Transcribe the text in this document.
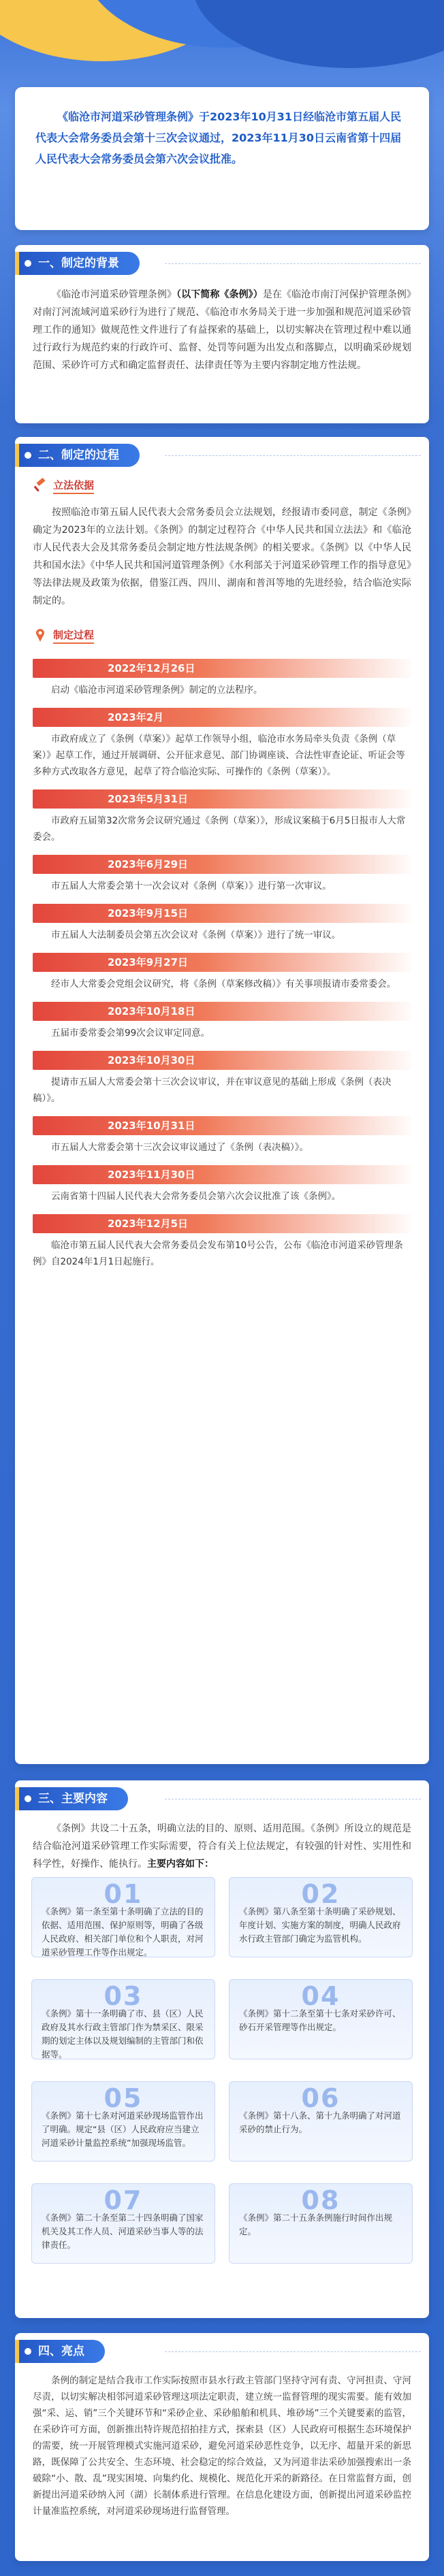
《临沧市河道采砂管理条例》于2023年10月31日经临沧市第五届人民代表大会常务委员会第十三次会议通过，2023年11月30日云南省第十四届人民代表大会常务委员会第六次会议批准。

一、制定的背景

《临沧市河道采砂管理条例》（以下简称《条例》）是在《临沧市南汀河保护管理条例》对南汀河流域河道采砂行为进行了规范、《临沧市水务局关于进一步加强和规范河道采砂管理工作的通知》做规范性文件进行了有益探索的基础上，以切实解决在管理过程中难以通过行政行为规范约束的行政许可、监督、处罚等问题为出发点和落脚点，以明确采砂规划范围、采砂许可方式和确定监督责任、法律责任等为主要内容制定地方性法规。

二、制定的过程
立法依据

按照临沧市第五届人民代表大会常务委员会立法规划，经报请市委同意，制定《条例》确定为2023年的立法计划。《条例》的制定过程符合《中华人民共和国立法法》和《临沧市人民代表大会及其常务委员会制定地方性法规条例》的相关要求。《条例》以《中华人民共和国水法》《中华人民共和国河道管理条例》《水利部关于河道采砂管理工作的指导意见》等法律法规及政策为依据，借鉴江西、四川、湖南和普洱等地的先进经验，结合临沧实际制定的。

制定过程
2022年12月26日
启动《临沧市河道采砂管理条例》制定的立法程序。
2023年2月
市政府成立了《条例（草案）》起草工作领导小组，临沧市水务局牵头负责《条例（草案）》起草工作，通过开展调研、公开征求意见、部门协调座谈、合法性审查论证、听证会等多种方式改取各方意见，起草了符合临沧实际、可操作的《条例（草案）》。
2023年5月31日
市政府五届第32次常务会议研究通过《条例（草案）》，形成议案稿于6月5日报市人大常委会。
2023年6月29日
市五届人大常委会第十一次会议对《条例（草案）》进行第一次审议。
2023年9月15日
市五届人大法制委员会第五次会议对《条例（草案）》进行了统一审议。
2023年9月27日
经市人大常委会党组会议研究，将《条例（草案修改稿）》有关事项报请市委常委会。
2023年10月18日
五届市委常委会第99次会议审定同意。
2023年10月30日
提请市五届人大常委会第十三次会议审议，并在审议意见的基础上形成《条例（表决稿）》。
2023年10月31日
市五届人大常委会第十三次会议审议通过了《条例（表决稿）》。
2023年11月30日
云南省第十四届人民代表大会常务委员会第六次会议批准了该《条例》。
2023年12月5日
临沧市第五届人民代表大会常务委员会发布第10号公告，公布《临沧市河道采砂管理条例》自2024年1月1日起施行。
三、主要内容

《条例》共设二十五条，明确立法的目的、原则、适用范围。《条例》所设立的规范是结合临沧河道采砂管理工作实际需要，符合有关上位法规定，有较强的针对性、实用性和科学性，好操作、能执行。主要内容如下：

01
《条例》第一条至第十条明确了立法的目的依据、适用范围、保护原则等，明确了各级人民政府、相关部门单位和个人职责，对河道采砂管理工作等作出规定。
02
《条例》第八条至第十条明确了采砂规划、年度计划、实施方案的制度，明确人民政府水行政主管部门确定为监管机构。
03
《条例》第十一条明确了市、县（区）人民政府及其水行政主管部门作为禁采区、限采期的划定主体以及规划编制的主管部门和依据等。
04
《条例》第十二条至第十七条对采砂许可、砂石开采管理等作出规定。
05
《条例》第十七条对河道采砂现场监管作出了明确。规定“县（区）人民政府应当建立河道采砂计量监控系统”加强现场监管。
06
《条例》第十八条、第十九条明确了对河道采砂的禁止行为。
07
《条例》第二十条至第二十四条明确了国家机关及其工作人员、河道采砂当事人等的法律责任。
08
《条例》第二十五条条例施行时间作出规定。
四、亮点

条例的制定是结合我市工作实际按照市县水行政主管部门坚持守河有责、守河担责、守河尽责，以切实解决相邻河道采砂管理这项法定职责，建立统一监督管理的现实需要。能有效加强“采、运、销”三个关键环节和“采砂企业、采砂船舶和机具、堆砂场”三个关键要素的监管，在采砂许可方面，创新推出特许规范招拍挂方式，探索县（区）人民政府可根据生态环境保护的需要，统一开展管理模式实施河道采砂，避免河道采砂恶性竞争，以无序、超量开采的新思路，既保障了公共安全、生态环境、社会稳定的综合效益，又为河道非法采砂加强搜索出一条破除“小、散、乱”现实困境、向集约化、规模化、规范化开采的新路径。在日常监督方面，创新提出河道采砂纳入河（湖）长制体系进行管理。在信息化建设方面，创新提出河道采砂监控计量准监控系统，对河道采砂现场进行监督管理。
